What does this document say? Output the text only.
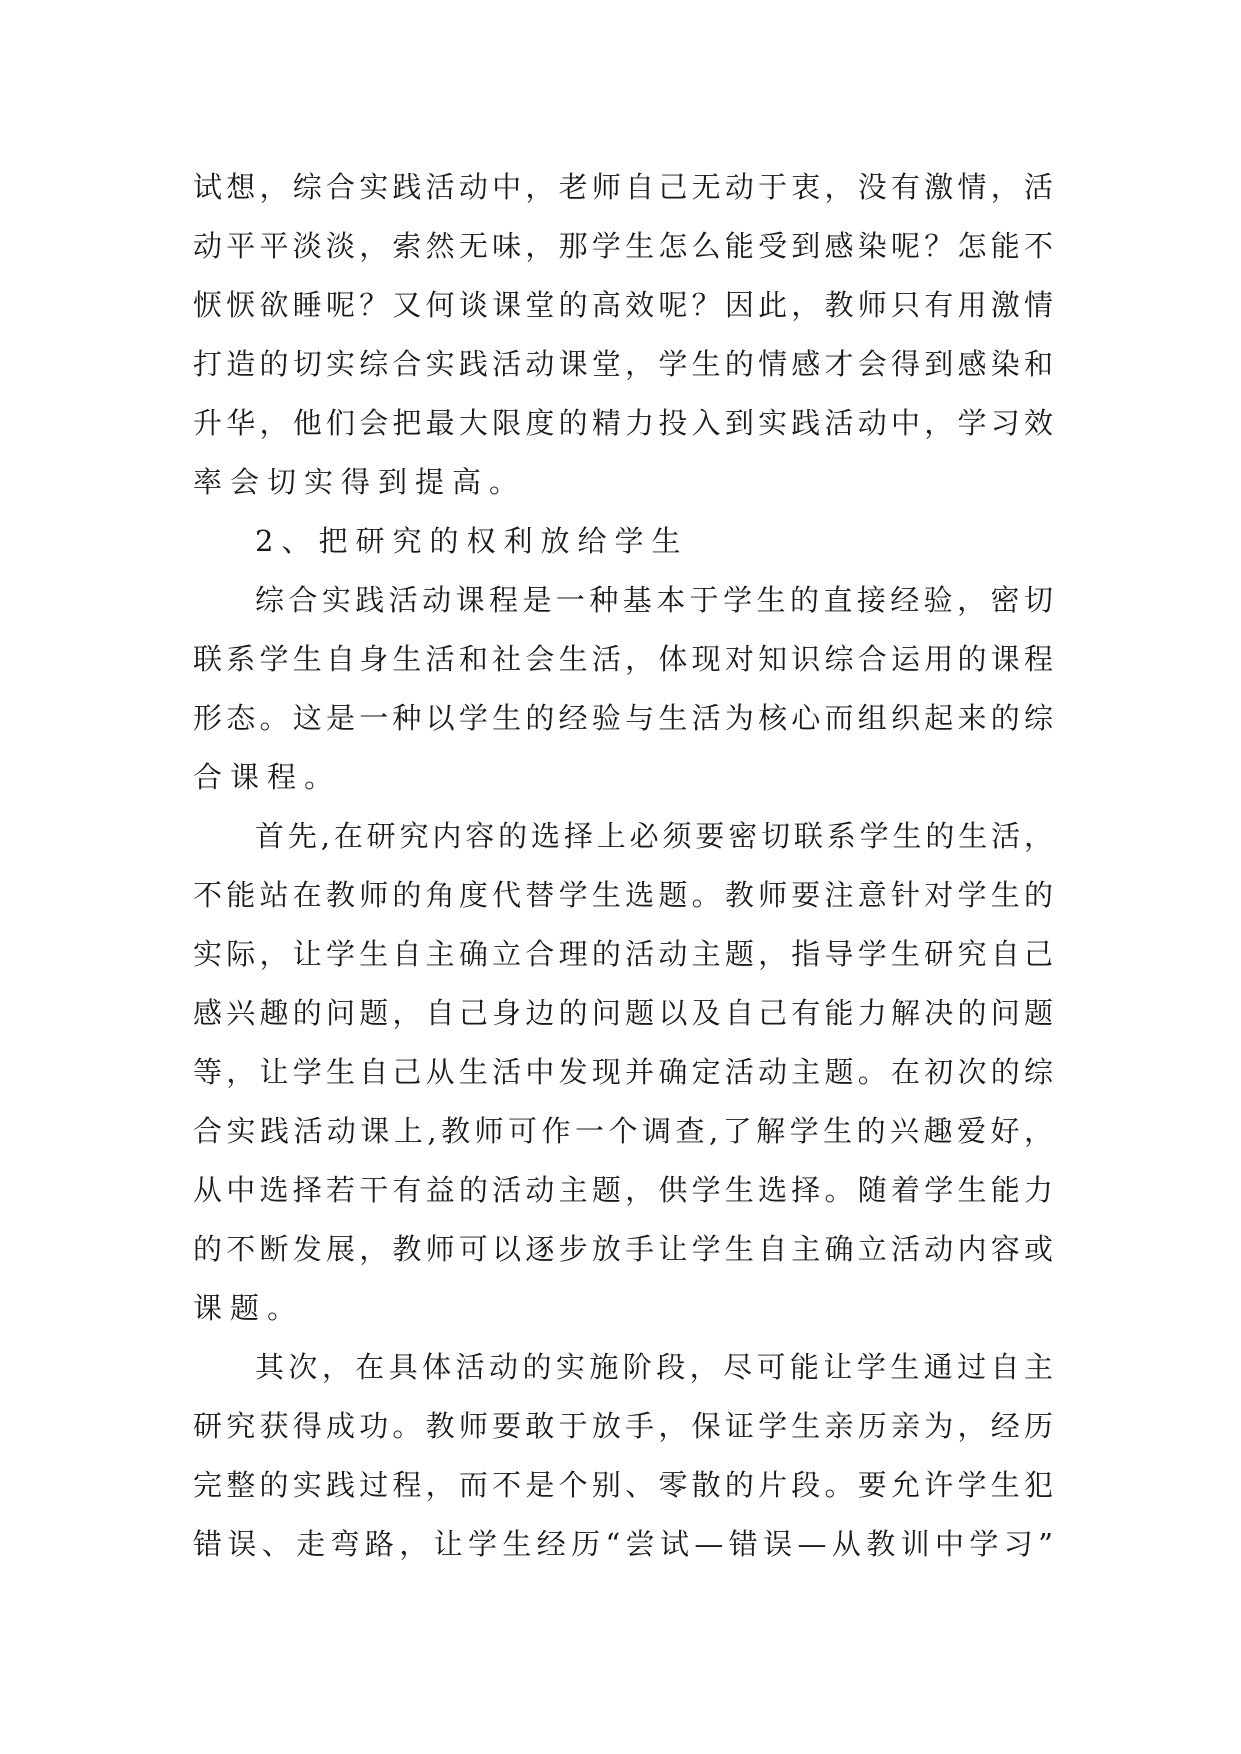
试想，综合实践活动中，老师自己无动于衷，没有激情，活
动平平淡淡，索然无味，那学生怎么能受到感染呢？怎能不
恹恹欲睡呢？又何谈课堂的高效呢？因此，教师只有用激情
打造的切实综合实践活动课堂，学生的情感才会得到感染和
升华，他们会把最大限度的精力投入到实践活动中，学习效
率会切实得到提高。
2、把研究的权利放给学生
综合实践活动课程是一种基本于学生的直接经验，密切
联系学生自身生活和社会生活，体现对知识综合运用的课程
形态。这是一种以学生的经验与生活为核心而组织起来的综
合课程。
首先,在研究内容的选择上必须要密切联系学生的生活，
不能站在教师的角度代替学生选题。教师要注意针对学生的
实际，让学生自主确立合理的活动主题，指导学生研究自己
感兴趣的问题，自己身边的问题以及自己有能力解决的问题
等，让学生自己从生活中发现并确定活动主题。在初次的综
合实践活动课上,教师可作一个调查,了解学生的兴趣爱好，
从中选择若干有益的活动主题，供学生选择。随着学生能力
的不断发展，教师可以逐步放手让学生自主确立活动内容或
课题。
其次，在具体活动的实施阶段，尽可能让学生通过自主
研究获得成功。教师要敢于放手，保证学生亲历亲为，经历
完整的实践过程，而不是个别、零散的片段。要允许学生犯
错误、走弯路，让学生经历“尝试—错误—从教训中学习”
